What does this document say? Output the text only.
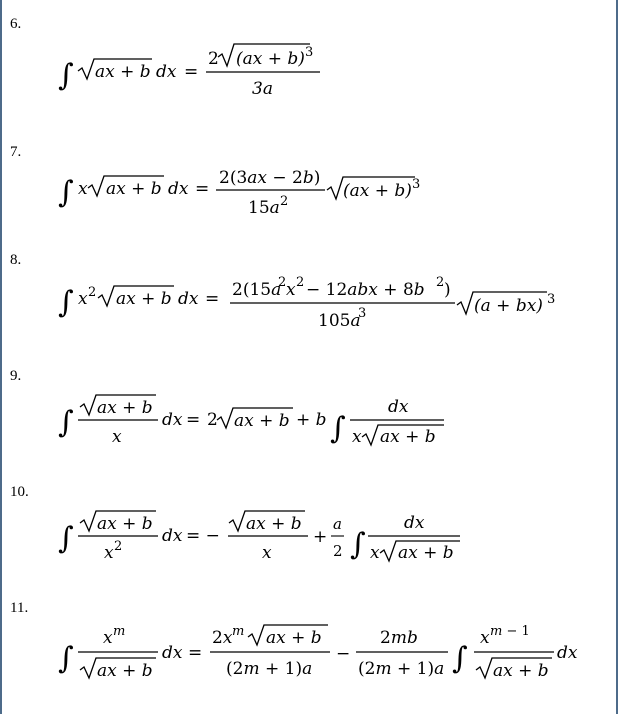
6.
7.
8.
9.
10.
11.
∫ ax + b dx =
2 (ax + b) 3
3a
∫ x ax + b dx =
2(3ax − 2b)
15a 2
(ax + b) 3
∫ x 2 ax + b dx = 2(15a
2 x 2 − 12abx + 8b 2 )
105a
3	(a + bx) 3
∫ ax + b
x
dx = 2 ax + b + b ∫
dx
x ax + b
∫ ax + b
x 2
dx = −
ax + b
x
+
a
2 ∫
dx
x ax + b
∫
x m
ax + b
dx =
2x m ax + b
(2m + 1)a
−
2mb
(2m + 1)a ∫
x m − 1
ax + b
dx
